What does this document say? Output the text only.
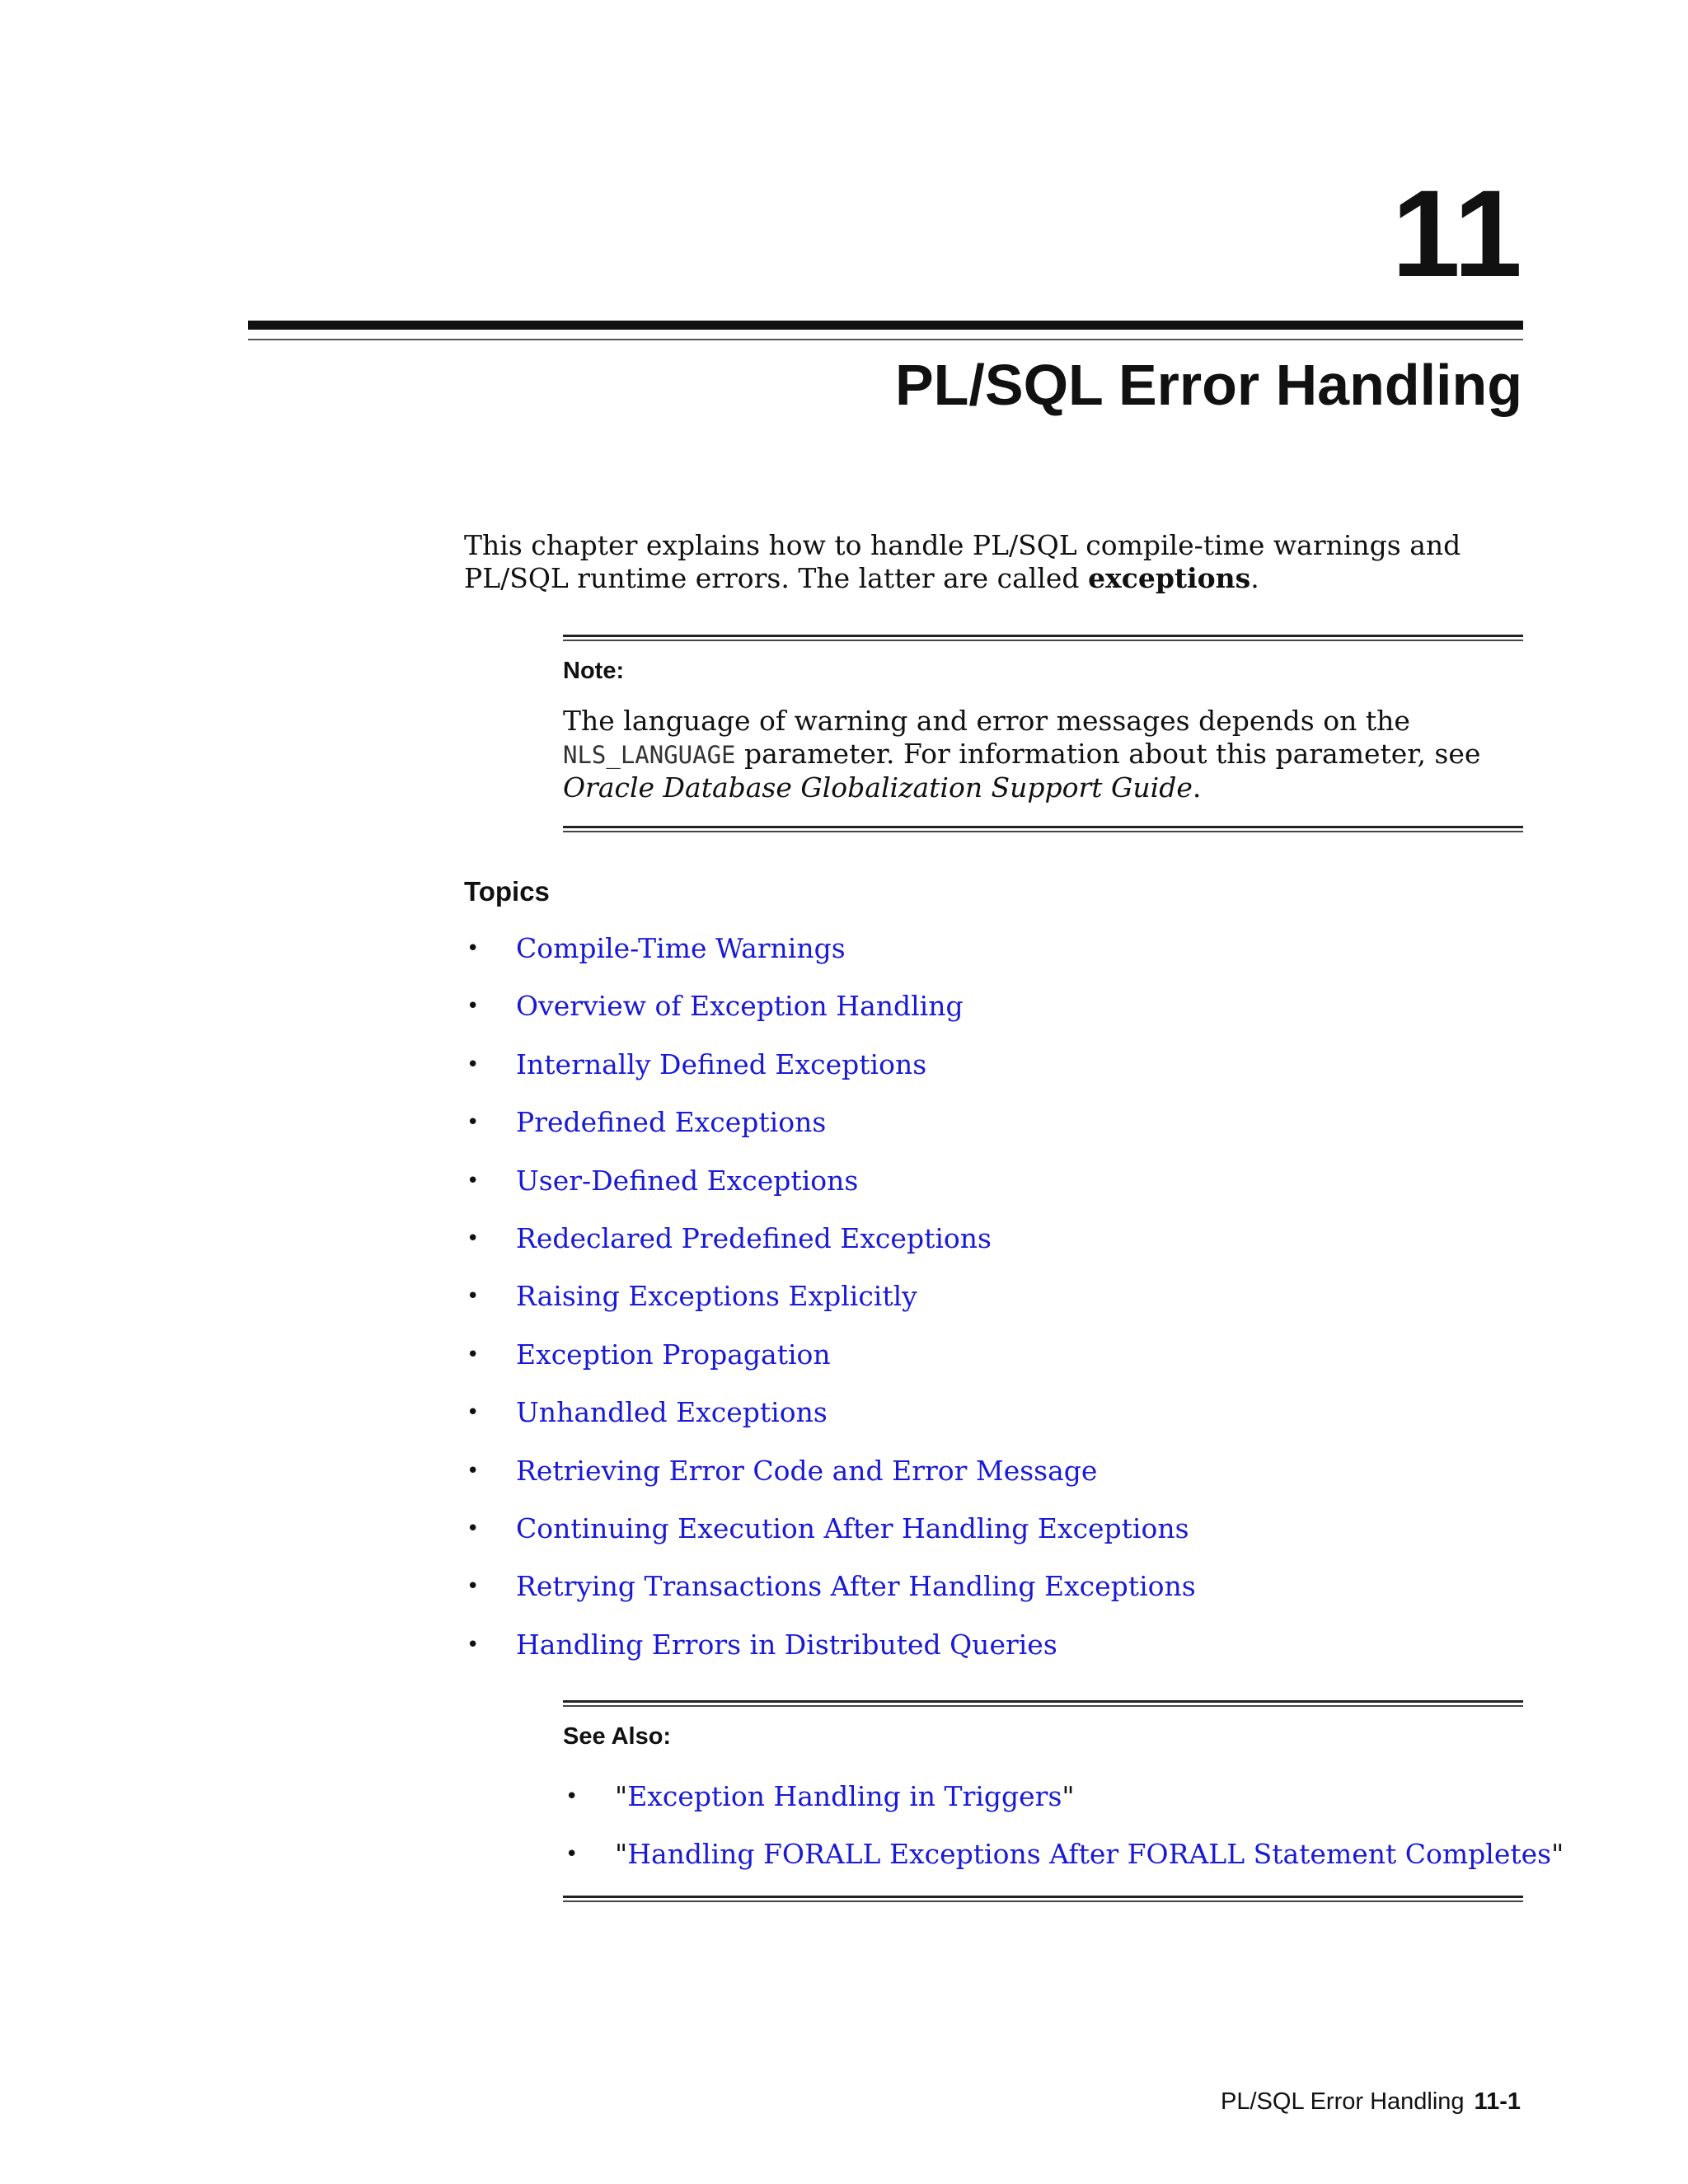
11
PL/SQL Error Handling

This chapter explains how to handle PL/SQL compile-time warnings and PL/SQL runtime errors. The latter are called exceptions.

Note:

The language of warning and error messages depends on the NLS_LANGUAGE parameter. For information about this parameter, see Oracle Database Globalization Support Guide.

Topics
•	Compile-Time Warnings
•	Overview of Exception Handling
•	Internally Defined Exceptions
•	Predefined Exceptions
•	User-Defined Exceptions
•	Redeclared Predefined Exceptions
•	Raising Exceptions Explicitly
•	Exception Propagation
•	Unhandled Exceptions
•	Retrieving Error Code and Error Message
•	Continuing Execution After Handling Exceptions
•	Retrying Transactions After Handling Exceptions
•	Handling Errors in Distributed Queries
See Also:
•	" Exception Handling in Triggers "
•	" Handling FORALL Exceptions After FORALL Statement Completes "
PL/SQL Error Handling 11-1
